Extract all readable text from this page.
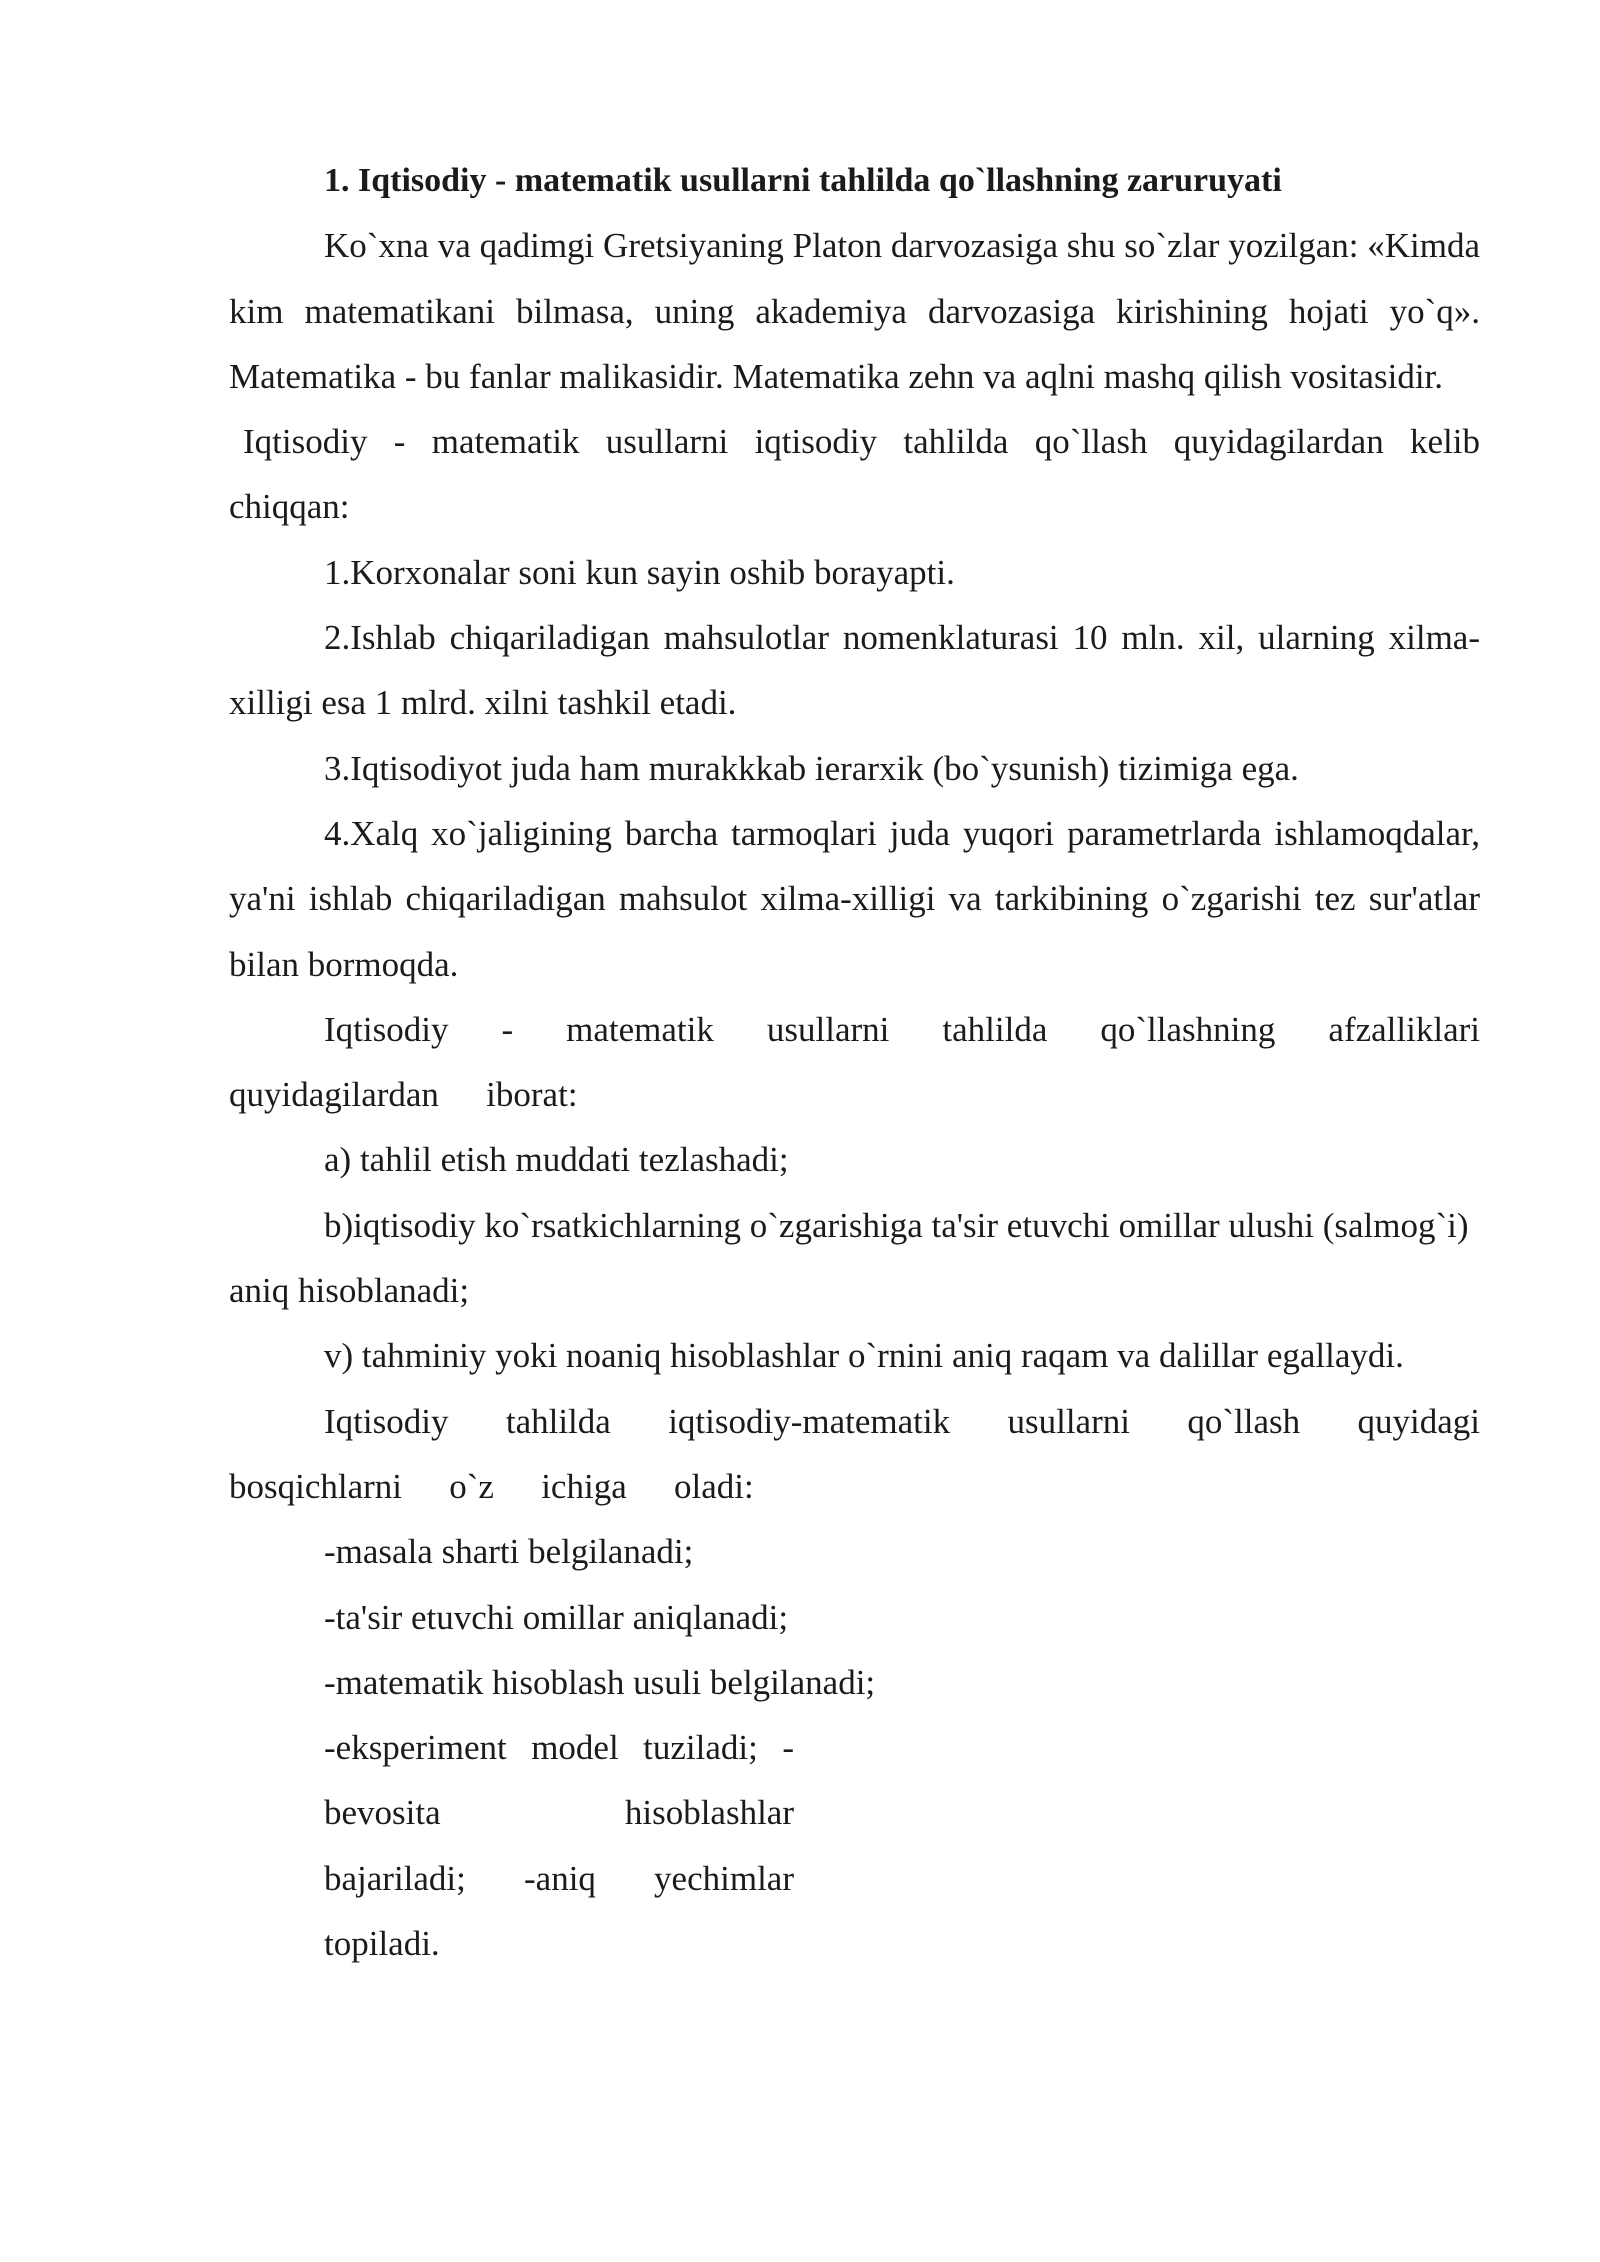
1. Iqtisodiy - matematik usullarni tahlilda qo`llashning zaruruyati

Ko`xna va qadimgi Gretsiyaning Platon darvozasiga shu so`zlar yozilgan: «Kimda kim matematikani bilmasa, uning akademiya darvozasiga kirishining hojati yo`q». Matematika - bu fanlar malikasidir. Matematika zehn va aqlni mashq qilish vositasidir.

Iqtisodiy - matematik usullarni iqtisodiy tahlilda qo`llash quyidagilardan kelib chiqqan:

1.Korxonalar soni kun sayin oshib borayapti.

2.Ishlab chiqariladigan mahsulotlar nomenklaturasi 10 mln. xil, ularning xilma-xilligi esa 1 mlrd. xilni tashkil etadi.

3.Iqtisodiyot juda ham murakkkab ierarxik (bo`ysunish) tizimiga ega.

4.Xalq xo`jaligining barcha tarmoqlari juda yuqori parametrlarda ishlamoqdalar, ya'ni ishlab chiqariladigan mahsulot xilma-xilligi va tarkibining o`zgarishi tez sur'atlar bilan bormoqda.

Iqtisodiy - matematik usullarni tahlilda qo`llashning afzalliklari quyidagilardan iborat:

a) tahlil etish muddati tezlashadi;

b)iqtisodiy ko`rsatkichlarning o`zgarishiga ta'sir etuvchi omillar ulushi (salmog`i) aniq hisoblanadi;

v) tahminiy yoki noaniq hisoblashlar o`rnini aniq raqam va dalillar egallaydi.

Iqtisodiy tahlilda iqtisodiy-matematik usullarni qo`llash quyidagi bosqichlarni o`z ichiga oladi:

-masala sharti belgilanadi;

-ta'sir etuvchi omillar aniqlanadi;

-matematik hisoblash usuli belgilanadi;

-eksperiment model tuziladi; -
bevosita hisoblashlar
bajariladi; -aniq yechimlar
topiladi.
